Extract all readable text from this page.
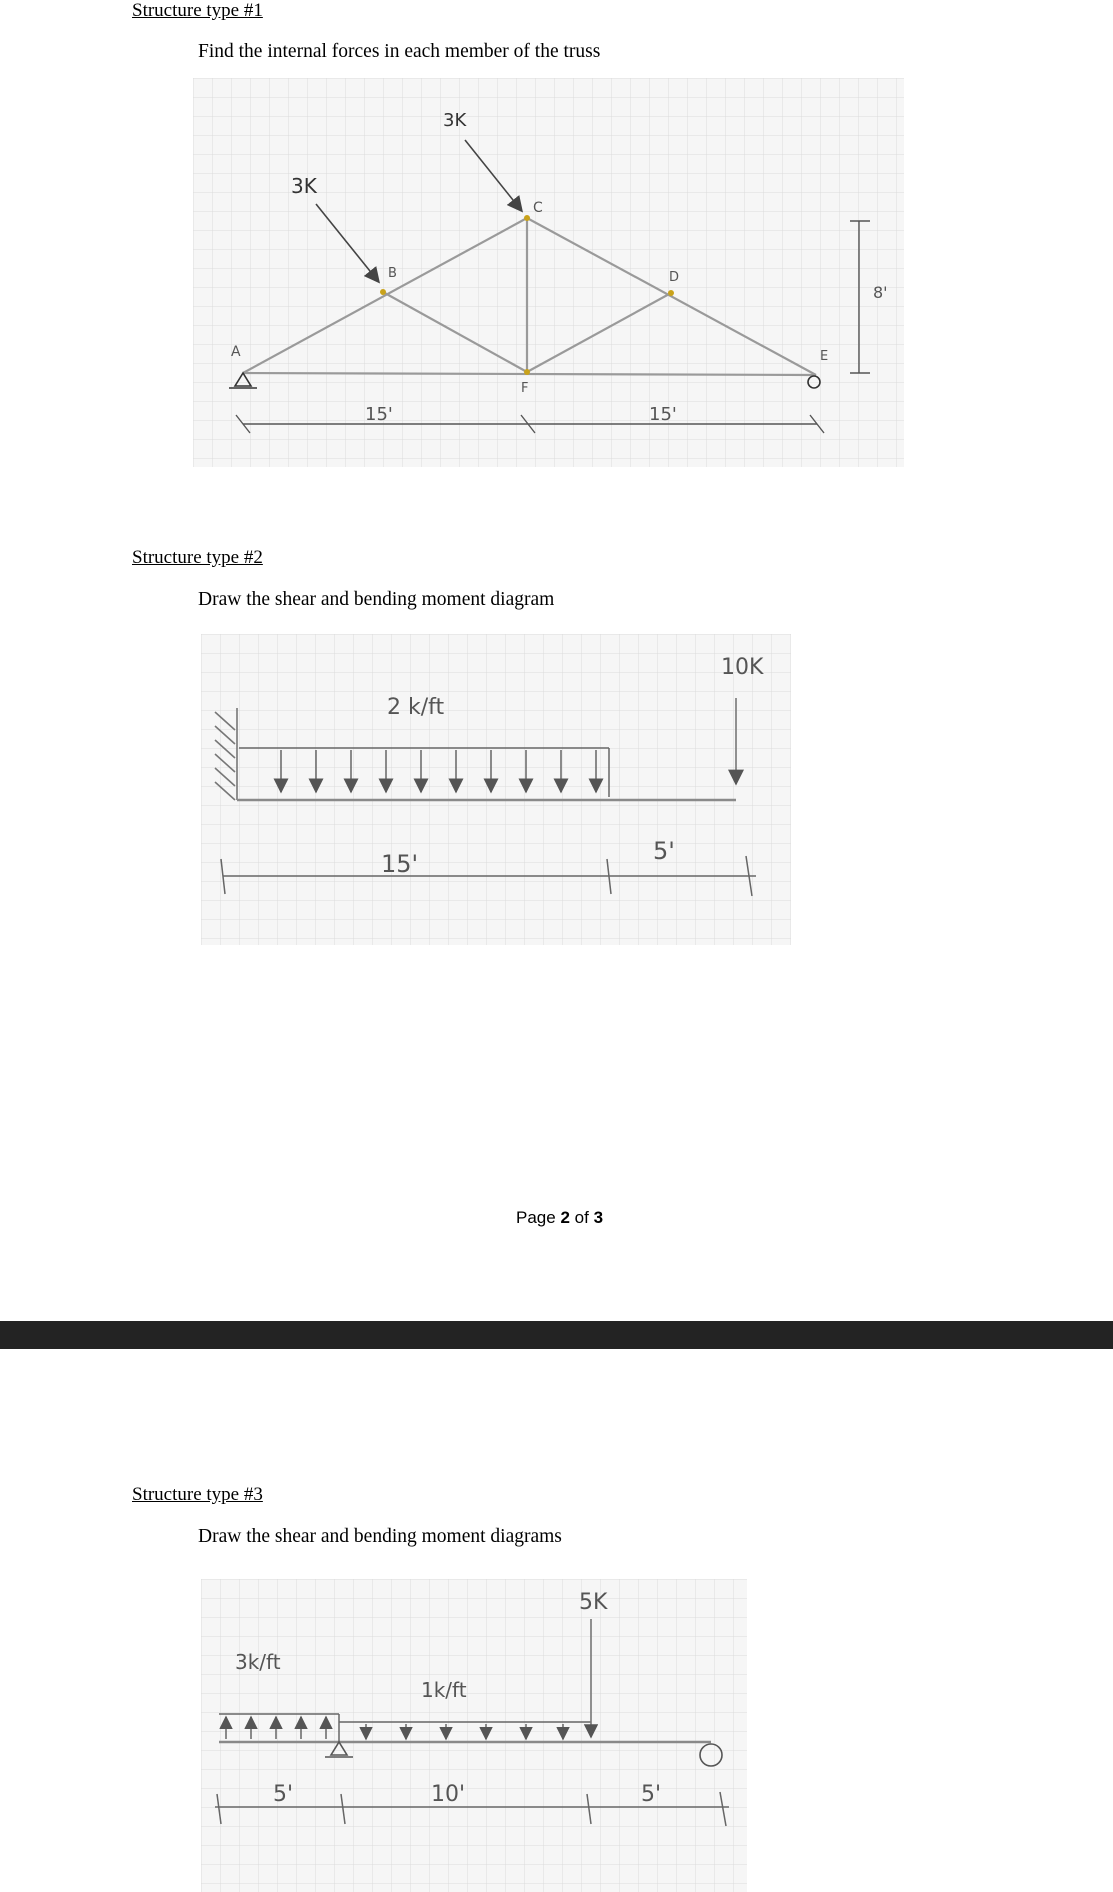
Structure type #1
Find the internal forces in each member of the truss
3K
3K
A
B
C
D
E
F
15'	15'
8'
Structure type #2
Draw the shear and bending moment diagram
2 k/ft
10K
15'	5'
Page 2 of 3
Structure type #3
Draw the shear and bending moment diagrams
3k/ft
1k/ft
5K
5'	10'	5'
